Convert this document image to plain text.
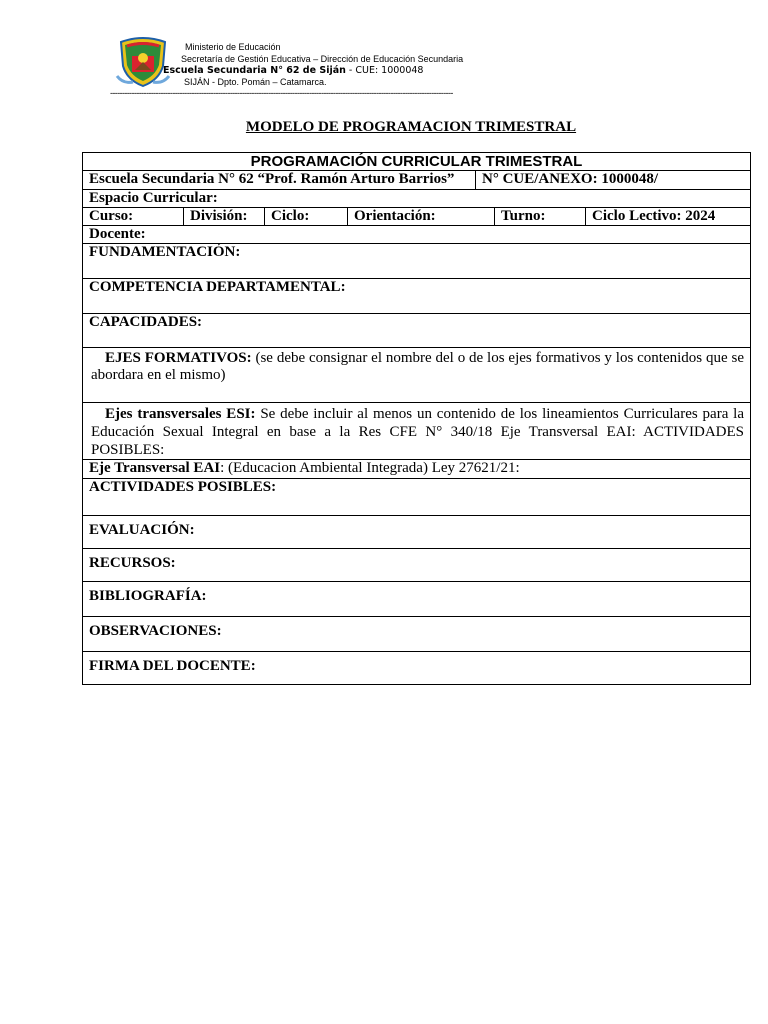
Ministerio de Educación
Secretaría de Gestión Educativa – Dirección de Educación Secundaria
Escuela Secundaria N° 62 de Siján - CUE: 1000048
SIJÁN - Dpto. Pomán – Catamarca.
-----------------------------------------------------------------------------------------------------------------------------------------------
MODELO DE PROGRAMACION TRIMESTRAL
PROGRAMACIÓN CURRICULAR TRIMESTRAL						
Escuela Secundaria N° 62 “Prof. Ramón Arturo Barrios”				N° CUE/ANEXO: 1000048/		
Espacio Curricular:						
Curso:	División:	Ciclo:	Orientación:		Turno:	Ciclo Lectivo: 2024
Docente:						
FUNDAMENTACIÓN:						
COMPETENCIA DEPARTAMENTAL:						
CAPACIDADES:						
EJES FORMATIVOS: (se debe consignar el nombre del o de los ejes formativos y los contenidos que se abordara en el mismo)						
Ejes transversales ESI: Se debe incluir al menos un contenido de los lineamientos Curriculares para la Educación Sexual Integral en base a la Res CFE N° 340/18 Eje Transversal EAI: ACTIVIDADES POSIBLES:						
Eje Transversal EAI: (Educacion Ambiental Integrada) Ley 27621/21:						
ACTIVIDADES POSIBLES:						
EVALUACIÓN:						
RECURSOS:						
BIBLIOGRAFÍA:						
OBSERVACIONES:						
FIRMA DEL DOCENTE:						
